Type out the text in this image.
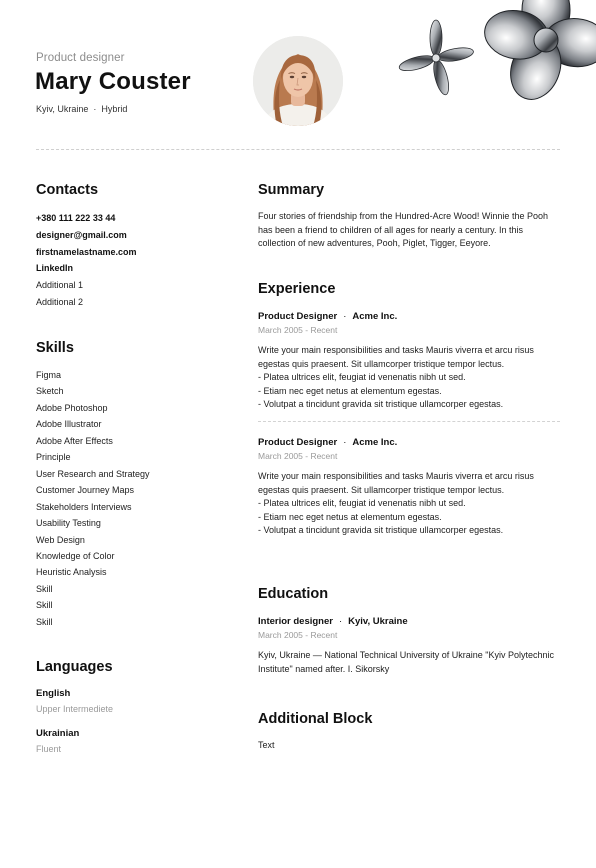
Product designer
Mary Couster
Kyiv, Ukraine · Hybrid
Contacts
+380 111 222 33 44
designer@gmail.com
firstnamelastname.com
LinkedIn
Additional 1
Additional 2
Skills
Figma
Sketch
Adobe Photoshop
Adobe Illustrator
Adobe After Effects
Principle
User Research and Strategy
Customer Journey Maps
Stakeholders Interviews
Usability Testing
Web Design
Knowledge of Color
Heuristic Analysis
Skill
Skill
Skill
Languages
English
Upper Intermediete
Ukrainian
Fluent
Summary
Four stories of friendship from the Hundred-Acre Wood! Winnie the Pooh has been a friend to children of all ages for nearly a century. In this collection of new adventures, Pooh, Piglet, Tigger, Eeyore.
Experience
Product Designer · Acme Inc.
March 2005 - Recent
Write your main responsibilities and tasks Mauris viverra et arcu risus egestas quis praesent. Sit ullamcorper tristique tempor lectus.
- Platea ultrices elit, feugiat id venenatis nibh ut sed.
- Etiam nec eget netus at elementum egestas.
- Volutpat a tincidunt gravida sit tristique ullamcorper egestas.
Product Designer · Acme Inc.
March 2005 - Recent
Write your main responsibilities and tasks Mauris viverra et arcu risus egestas quis praesent. Sit ullamcorper tristique tempor lectus.
- Platea ultrices elit, feugiat id venenatis nibh ut sed.
- Etiam nec eget netus at elementum egestas.
- Volutpat a tincidunt gravida sit tristique ullamcorper egestas.
Education
Interior designer · Kyiv, Ukraine
March 2005 - Recent
Kyiv, Ukraine — National Technical University of Ukraine "Kyiv Polytechnic Institute" named after. I. Sikorsky
Additional Block
Text
